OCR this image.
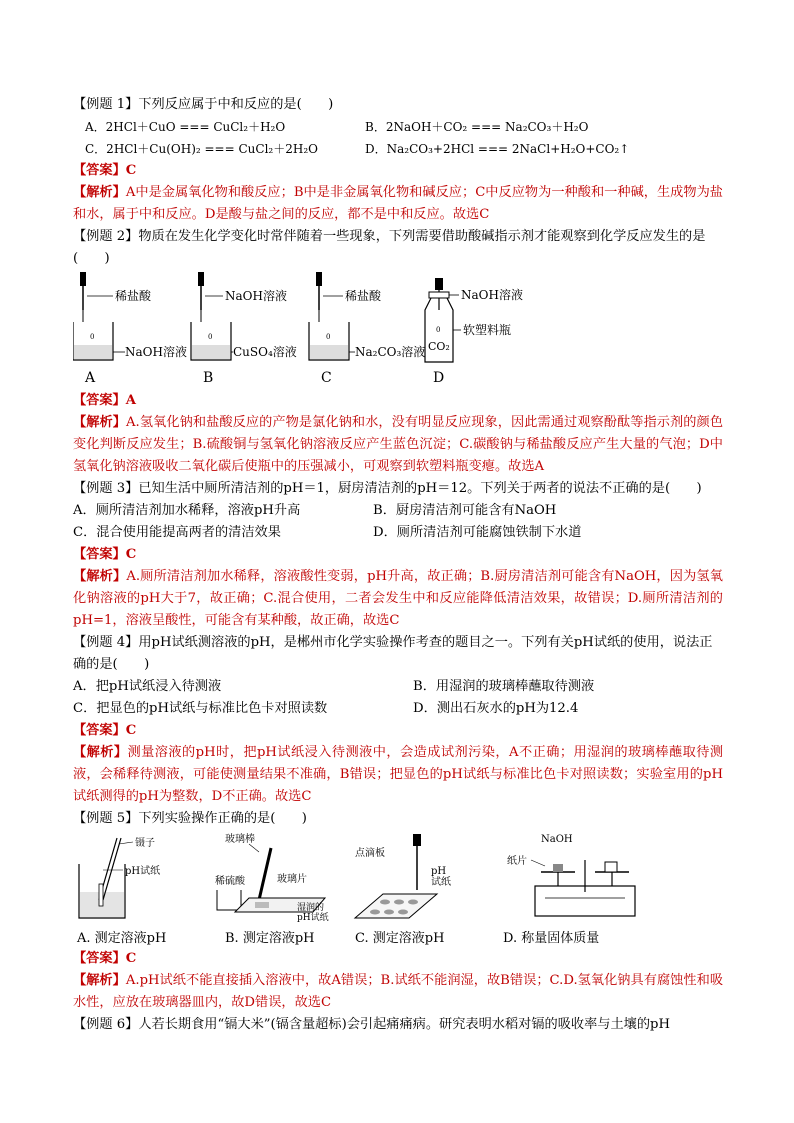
【例题 1】下列反应属于中和反应的是(　　)
A．2HCl＋CuO === CuCl₂＋H₂O	B．2NaOH＋CO₂ === Na₂CO₃＋H₂O
C．2HCl＋Cu(OH)₂ === CuCl₂＋2H₂O	D．Na₂CO₃+2HCl === 2NaCl+H₂O+CO₂↑
【答案】C
【解析】A中是金属氧化物和酸反应；B中是非金属氧化物和碱反应；C中反应物为一种酸和一种碱，生成物为盐和水，属于中和反应。D是酸与盐之间的反应，都不是中和反应。故选C
【例题 2】物质在发生化学变化时常伴随着一些现象，下列需要借助酸碱指示剂才能观察到化学反应发生的是(　　)
稀盐酸
0
NaOH溶液
A
NaOH溶液
0
CuSO₄溶液
B
稀盐酸
0
Na₂CO₃溶液
C
NaOH溶液
0
CO₂
软塑料瓶
D
【答案】A
【解析】A.氢氧化钠和盐酸反应的产物是氯化钠和水，没有明显反应现象，因此需通过观察酚酞等指示剂的颜色变化判断反应发生；B.硫酸铜与氢氧化钠溶液反应产生蓝色沉淀；C.碳酸钠与稀盐酸反应产生大量的气泡；D中氢氧化钠溶液吸收二氧化碳后使瓶中的压强减小，可观察到软塑料瓶变瘪。故选A
【例题 3】已知生活中厕所清洁剂的pH＝1，厨房清洁剂的pH＝12。下列关于两者的说法不正确的是(　　)
A．厕所清洁剂加水稀释，溶液pH升高	B．厨房清洁剂可能含有NaOH
C．混合使用能提高两者的清洁效果	D．厕所清洁剂可能腐蚀铁制下水道
【答案】C
【解析】A.厕所清洁剂加水稀释，溶液酸性变弱，pH升高，故正确；B.厨房清洁剂可能含有NaOH，因为氢氧化钠溶液的pH大于7，故正确；C.混合使用，二者会发生中和反应能降低清洁效果，故错误；D.厕所清洁剂的pH=1，溶液呈酸性，可能含有某种酸，故正确，故选C
【例题 4】用pH试纸测溶液的pH，是郴州市化学实验操作考查的题目之一。下列有关pH试纸的使用，说法正确的是(　　)
A．把pH试纸浸入待测液	B．用湿润的玻璃棒蘸取待测液
C．把显色的pH试纸与标准比色卡对照读数	D．测出石灰水的pH为12.4
【答案】C
【解析】测量溶液的pH时，把pH试纸浸入待测液中，会造成试剂污染，A不正确；用湿润的玻璃棒蘸取待测液，会稀释待测液，可能使测量结果不准确，B错误；把显色的pH试纸与标准比色卡对照读数；实验室用的pH试纸测得的pH为整数，D不正确。故选C
【例题 5】下列实验操作正确的是(　　)
镊子
pH试纸
A. 测定溶液pH
玻璃棒
稀硫酸	玻璃片
湿润的
pH试纸
B. 测定溶液pH
点滴板
pH
试纸
C. 测定溶液pH
NaOH
纸片
D. 称量固体质量
【答案】C
【解析】A.pH试纸不能直接插入溶液中，故A错误；B.试纸不能润湿，故B错误；C.D.氢氧化钠具有腐蚀性和吸水性，应放在玻璃器皿内，故D错误，故选C
【例题 6】人若长期食用“镉大米”(镉含量超标)会引起痛痛病。研究表明水稻对镉的吸收率与土壤的pH
